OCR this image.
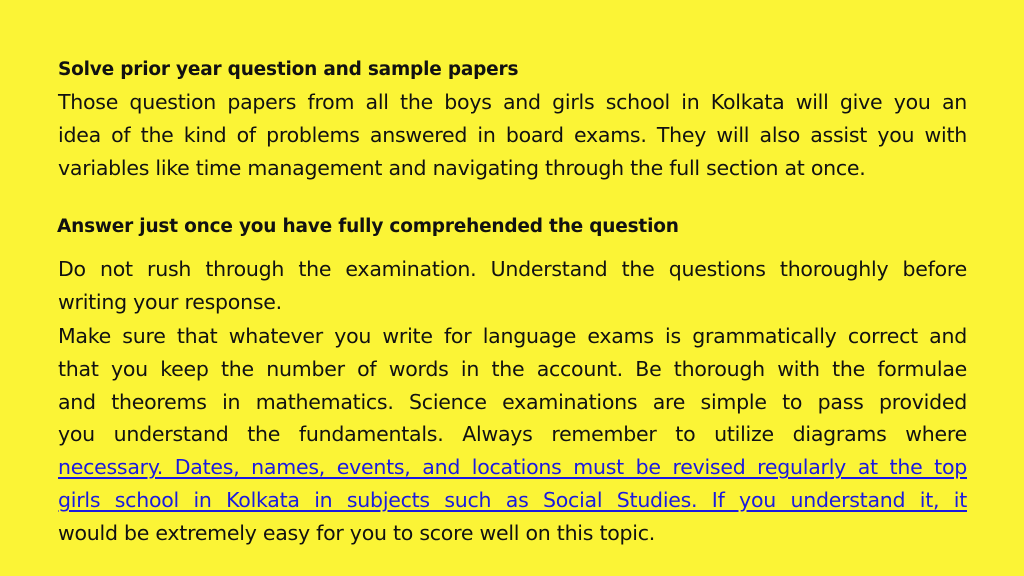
Solve prior year question and sample papers
Those question papers from all the boys and girls school in Kolkata will give you an
idea of the kind of problems answered in board exams. They will also assist you with
variables like time management and navigating through the full section at once.
Answer just once you have fully comprehended the question
Do not rush through the examination. Understand the questions thoroughly before
writing your response.
Make sure that whatever you write for language exams is grammatically correct and
that you keep the number of words in the account. Be thorough with the formulae
and theorems in mathematics. Science examinations are simple to pass provided
you understand the fundamentals. Always remember to utilize diagrams where
necessary. Dates, names, events, and locations must be revised regularly at the top
girls school in Kolkata in subjects such as Social Studies. If you understand it, it
would be extremely easy for you to score well on this topic.
